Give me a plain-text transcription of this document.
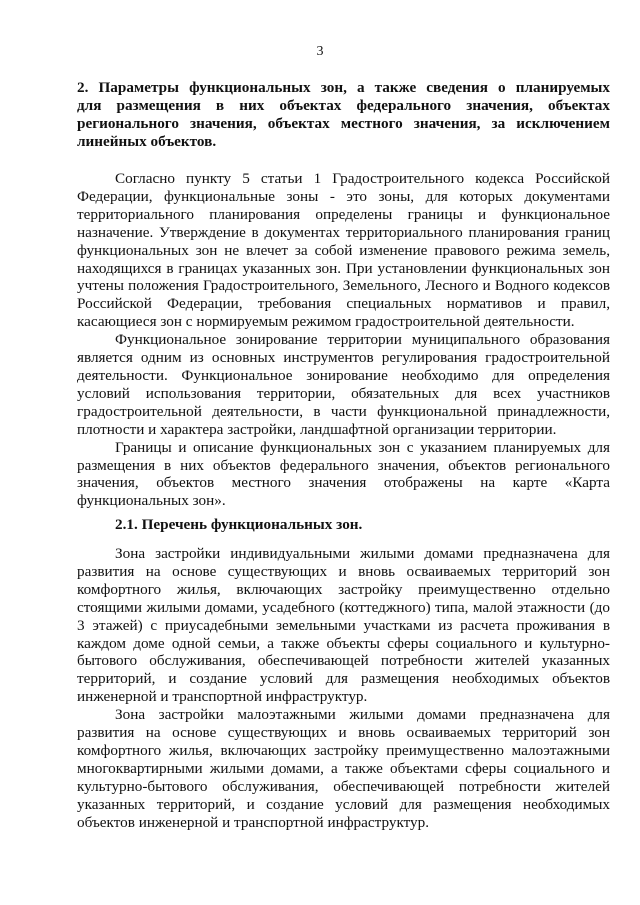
3
2. Параметры функциональных зон, а также сведения о планируемых
для размещения в них объектах федерального значения, объектах
регионального значения, объектах местного значения, за исключением
линейных объектов.

Согласно пункту 5 статьи 1 Градостроительного кодекса Российской Федерации, функциональные зоны - это зоны, для которых документами территориального планирования определены границы и функциональное назначение. Утверждение в документах территориального планирования границ функциональных зон не влечет за собой изменение правового режима земель, находящихся в границах указанных зон. При установлении функциональных зон учтены положения Градостроительного, Земельного, Лесного и Водного кодексов Российской Федерации, требования специальных нормативов и правил, касающиеся зон с нормируемым режимом градостроительной деятельности.

Функциональное зонирование территории муниципального образования является одним из основных инструментов регулирования градостроительной деятельности. Функциональное зонирование необходимо для определения условий использования территории, обязательных для всех участников градостроительной деятельности, в части функциональной принадлежности, плотности и характера застройки, ландшафтной организации территории.

Границы и описание функциональных зон с указанием планируемых для размещения в них объектов федерального значения, объектов регионального значения, объектов местного значения отображены на карте «Карта функциональных зон».

2.1. Перечень функциональных зон.

Зона застройки индивидуальными жилыми домами предназначена для развития на основе существующих и вновь осваиваемых территорий зон комфортного жилья, включающих застройку преимущественно отдельно стоящими жилыми домами, усадебного (коттеджного) типа, малой этажности (до 3 этажей) с приусадебными земельными участками из расчета проживания в каждом доме одной семьи, а также объекты сферы социального и культурно-бытового обслуживания, обеспечивающей потребности жителей указанных территорий, и создание условий для размещения необходимых объектов инженерной и транспортной инфраструктур.

Зона застройки малоэтажными жилыми домами предназначена для развития на основе существующих и вновь осваиваемых территорий зон комфортного жилья, включающих застройку преимущественно малоэтажными многоквартирными жилыми домами, а также объектами сферы социального и культурно-бытового обслуживания, обеспечивающей потребности жителей указанных территорий, и создание условий для размещения необходимых объектов инженерной и транспортной инфраструктур.
